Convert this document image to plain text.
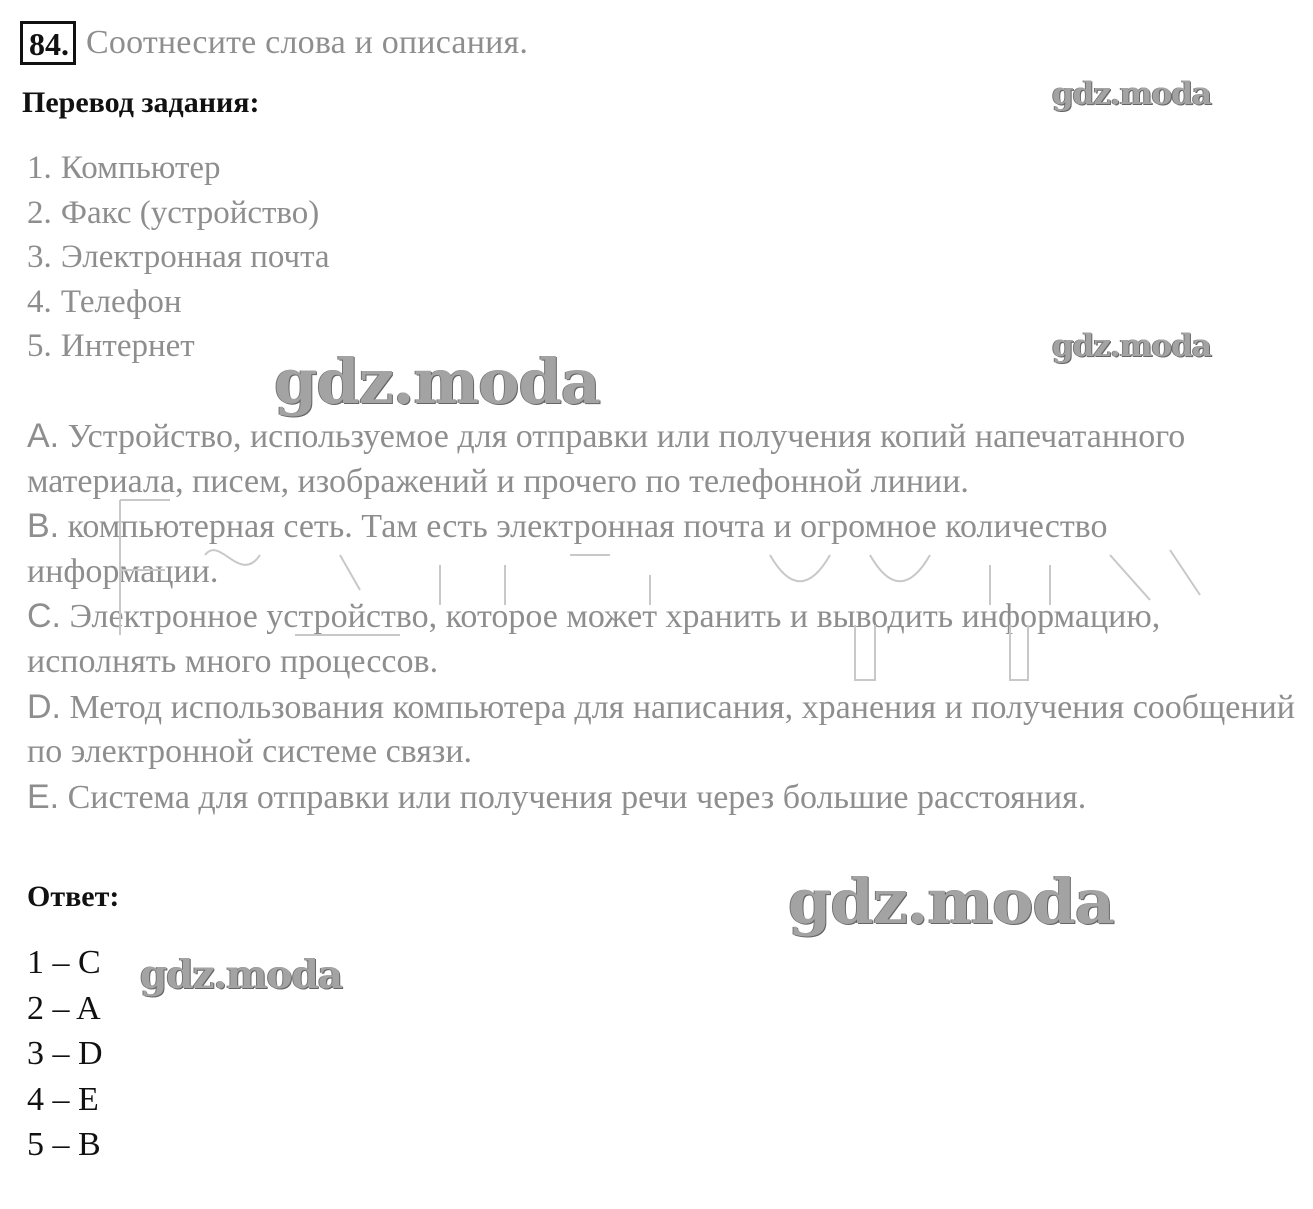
84. Соотнесите слова и описания.
Перевод задания:
1. Компьютер
2. Факс (устройство)
3. Электронная почта
4. Телефон
5. Интернет
A. Устройство, используемое для отправки или получения копий напечатанного материала, писем, изображений и прочего по телефонной линии.
B. компьютерная сеть. Там есть электронная почта и огромное количество информации.
C. Электронное устройство, которое может хранить и выводить информацию, исполнять много процессов.
D. Метод использования компьютера для написания, хранения и получения сообщений по электронной системе связи.
E. Система для отправки или получения речи через большие расстояния.
Ответ:
1 – C
2 – A
3 – D
4 – E
5 – B
gdz.moda
gdz.moda
gdz.moda
gdz.moda
gdz.moda
